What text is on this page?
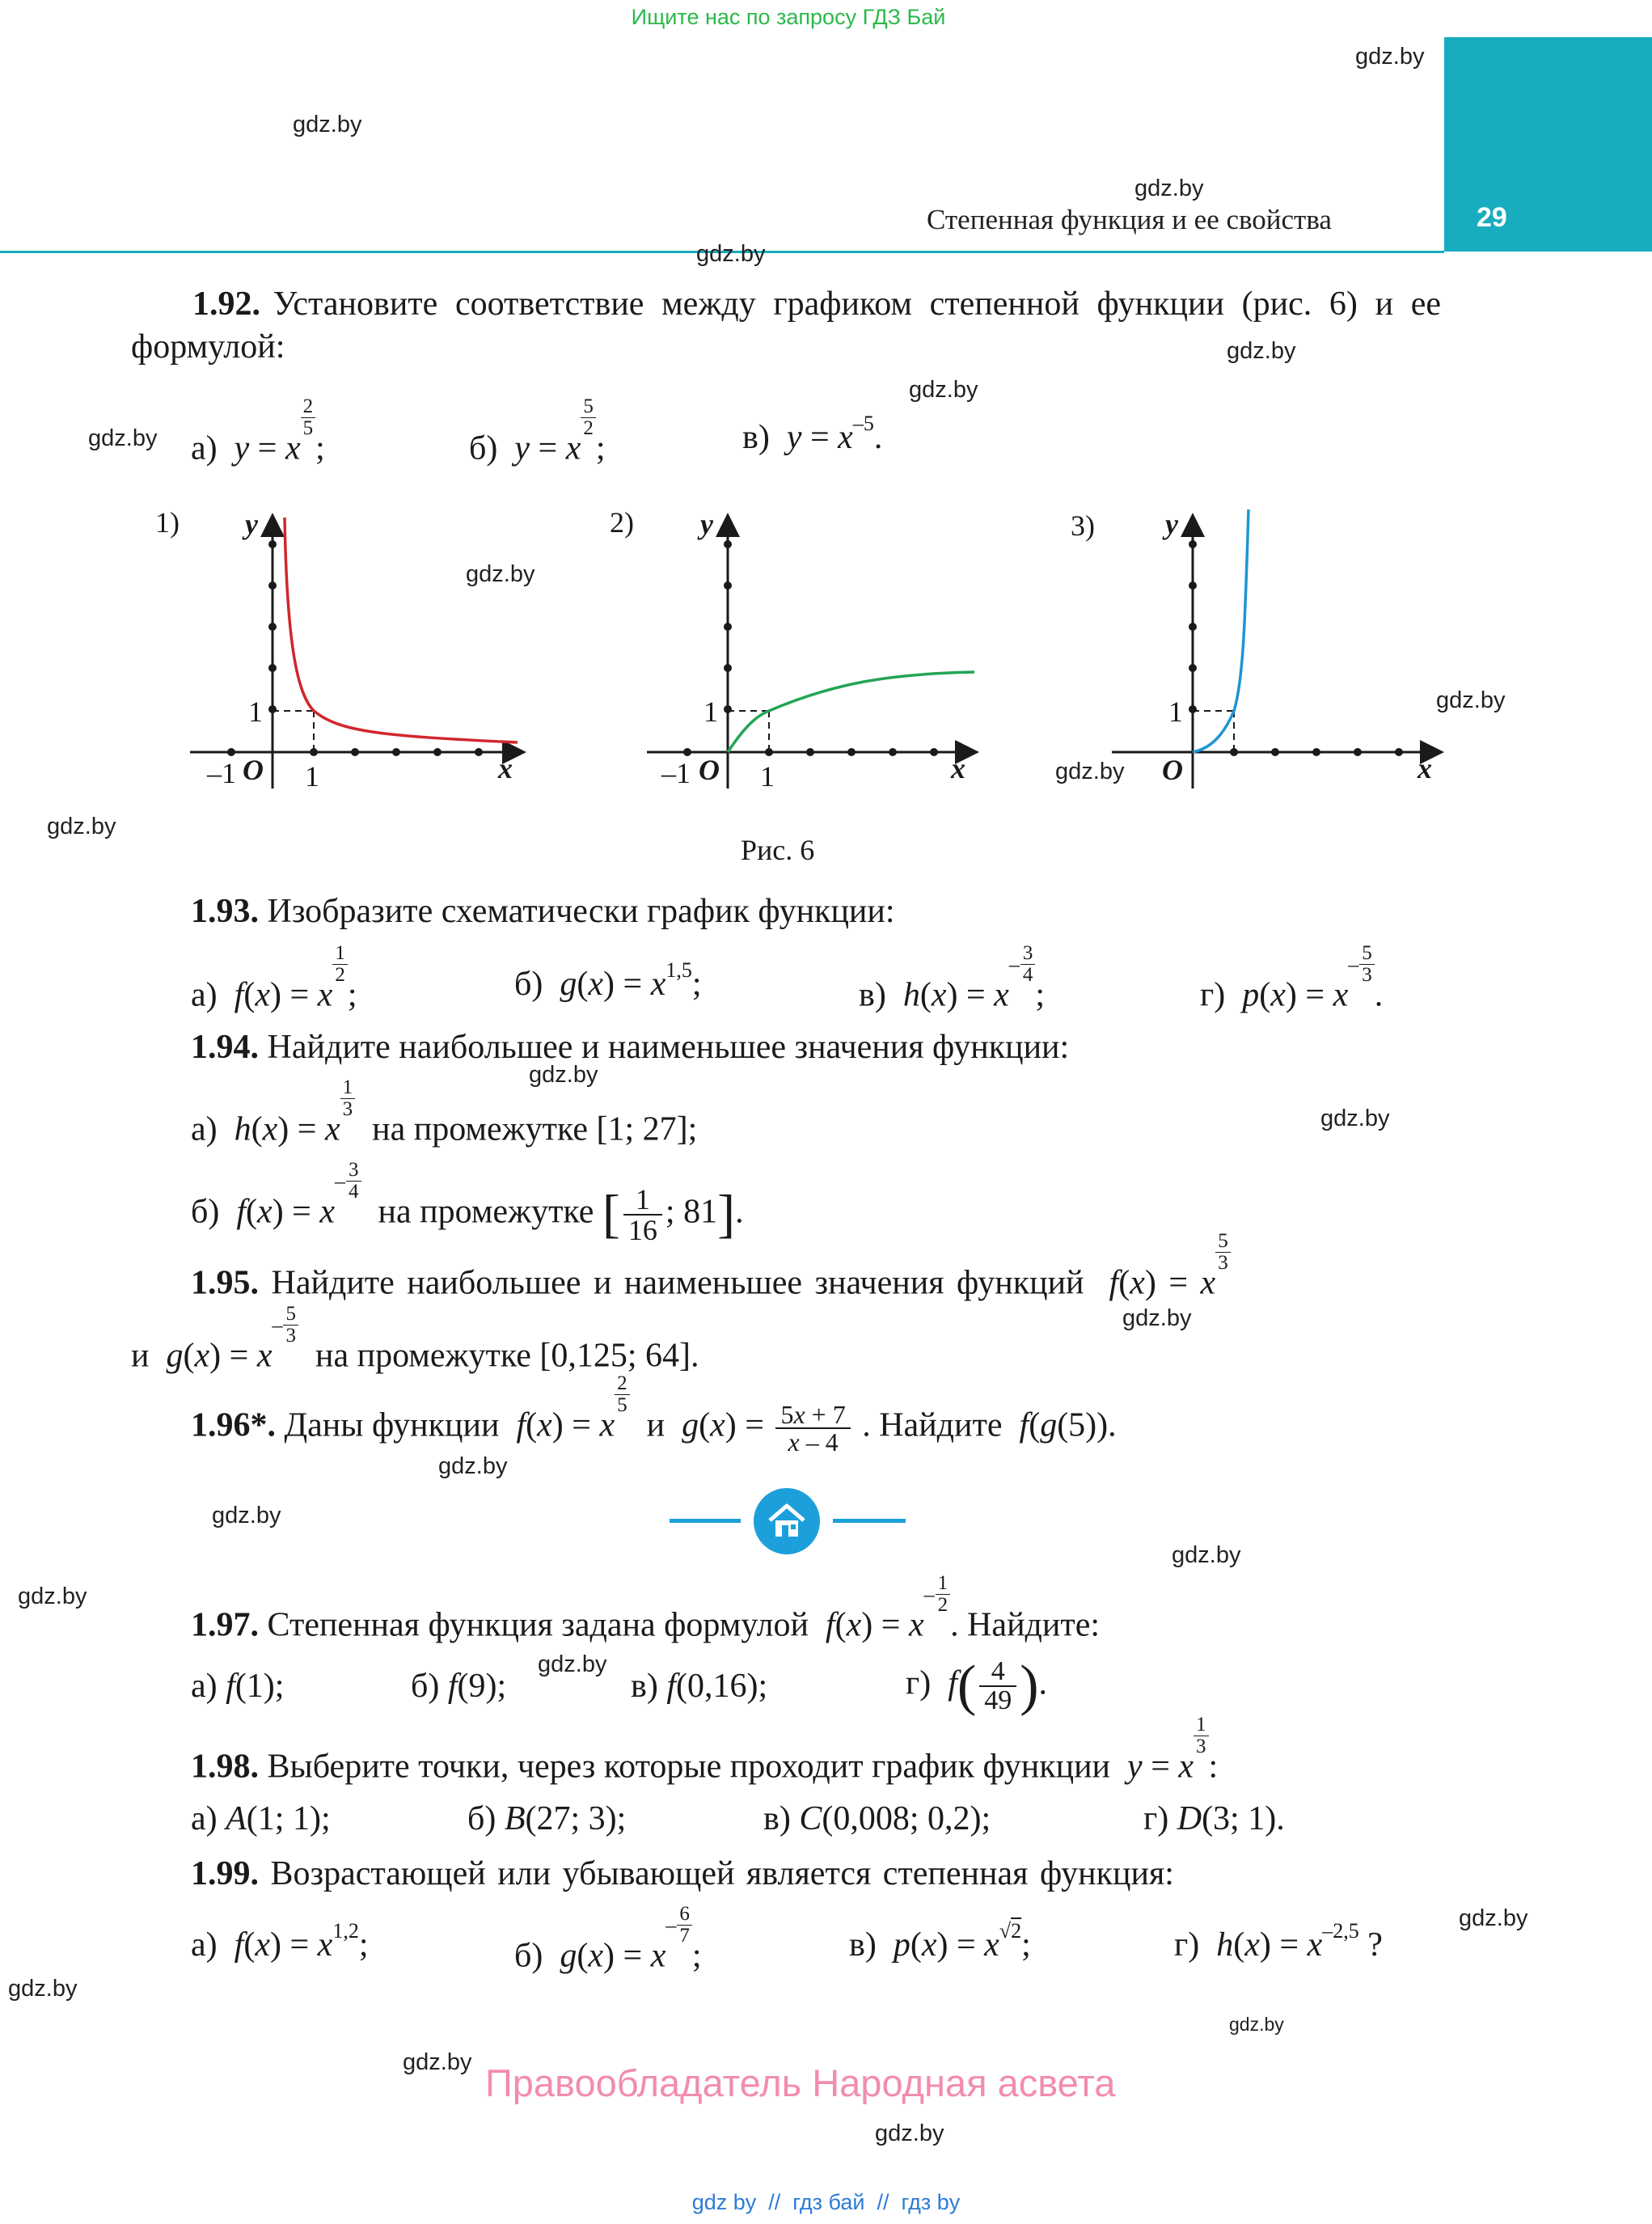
Ищите нас по запросу ГДЗ Бай
29
Степенная функция и ее свойства
gdz.by
gdz.by
gdz.by
gdz.by
gdz.by
gdz.by
gdz.by
gdz.by
gdz.by
gdz.by
gdz.by
gdz.by
gdz.by
gdz.by
gdz.by
gdz.by
gdz.by
gdz.by
gdz.by
gdz.by
gdz.by
gdz.by
gdz.by
gdz.by
1.92. Установите соответствие между графиком степенной функции (рис. 6) и ее формулой:
а) y = x
$\frac{2}{5}$
;	б) y = x
$\frac{5}{2}$
;	в) $y = x^{-5}$.
1) y
x
1
1
–1 O
2) y
x
1
1
–1 O
3) y
x
1
O
Рис. 6
1.93. Изобразите схематически график функции:
а) f(x) = x
$\frac{1}{2}$
;	б) $g(x) = x^{1,5}$;	в) $h(x) = x^- \frac{3}{4}$
;	г) $p(x) = x^- \frac{5}{3}$
.
1.94. Найдите наибольшее и наименьшее значения функции:
а) h(x) = x
$\frac{1}{3}$
на промежутке [1; 27];
б) $f(x) = x^- \frac{3}{4}$
на промежутке [ $\frac{1}{16}$ ; 81].
1.95. Найдите наибольшее и наименьшее значения функций f(x) = x
$\frac{5}{3}$
и $g(x) = x^- \frac{5}{3}$
на промежутке [0,125; 64].
1.96*. Даны функции f(x) = x
$\frac{2}{5}$
и $g(x) = \frac{5x + 7}{x - 4}$ . Найдите f(g(5)).
1.97. Степенная функция задана формулой $f(x) = x^- \frac{1}{2}$
. Найдите:
а) f(1);	б) f(9);	в) f(0,16);	г) $f( \frac{4}{49}$ ).
1.98. Выберите точки, через которые проходит график функции y = x
$\frac{1}{3}$
:
а) A(1; 1);	б) B(27; 3);	в) C(0,008; 0,2);	г) D(3; 1).
1.99. Возрастающей или убывающей является степенная функция:
а) $f(x) = x^{1,2}$;	б) $g(x) = x^- \frac{6}{7}$
;	в) $p(x) = x^{√2}$;	г) $h(x) = x^{-2,5}$ ?
Правообладатель Народная асвета
gdz by  //  гдз бай  //  гдз by
